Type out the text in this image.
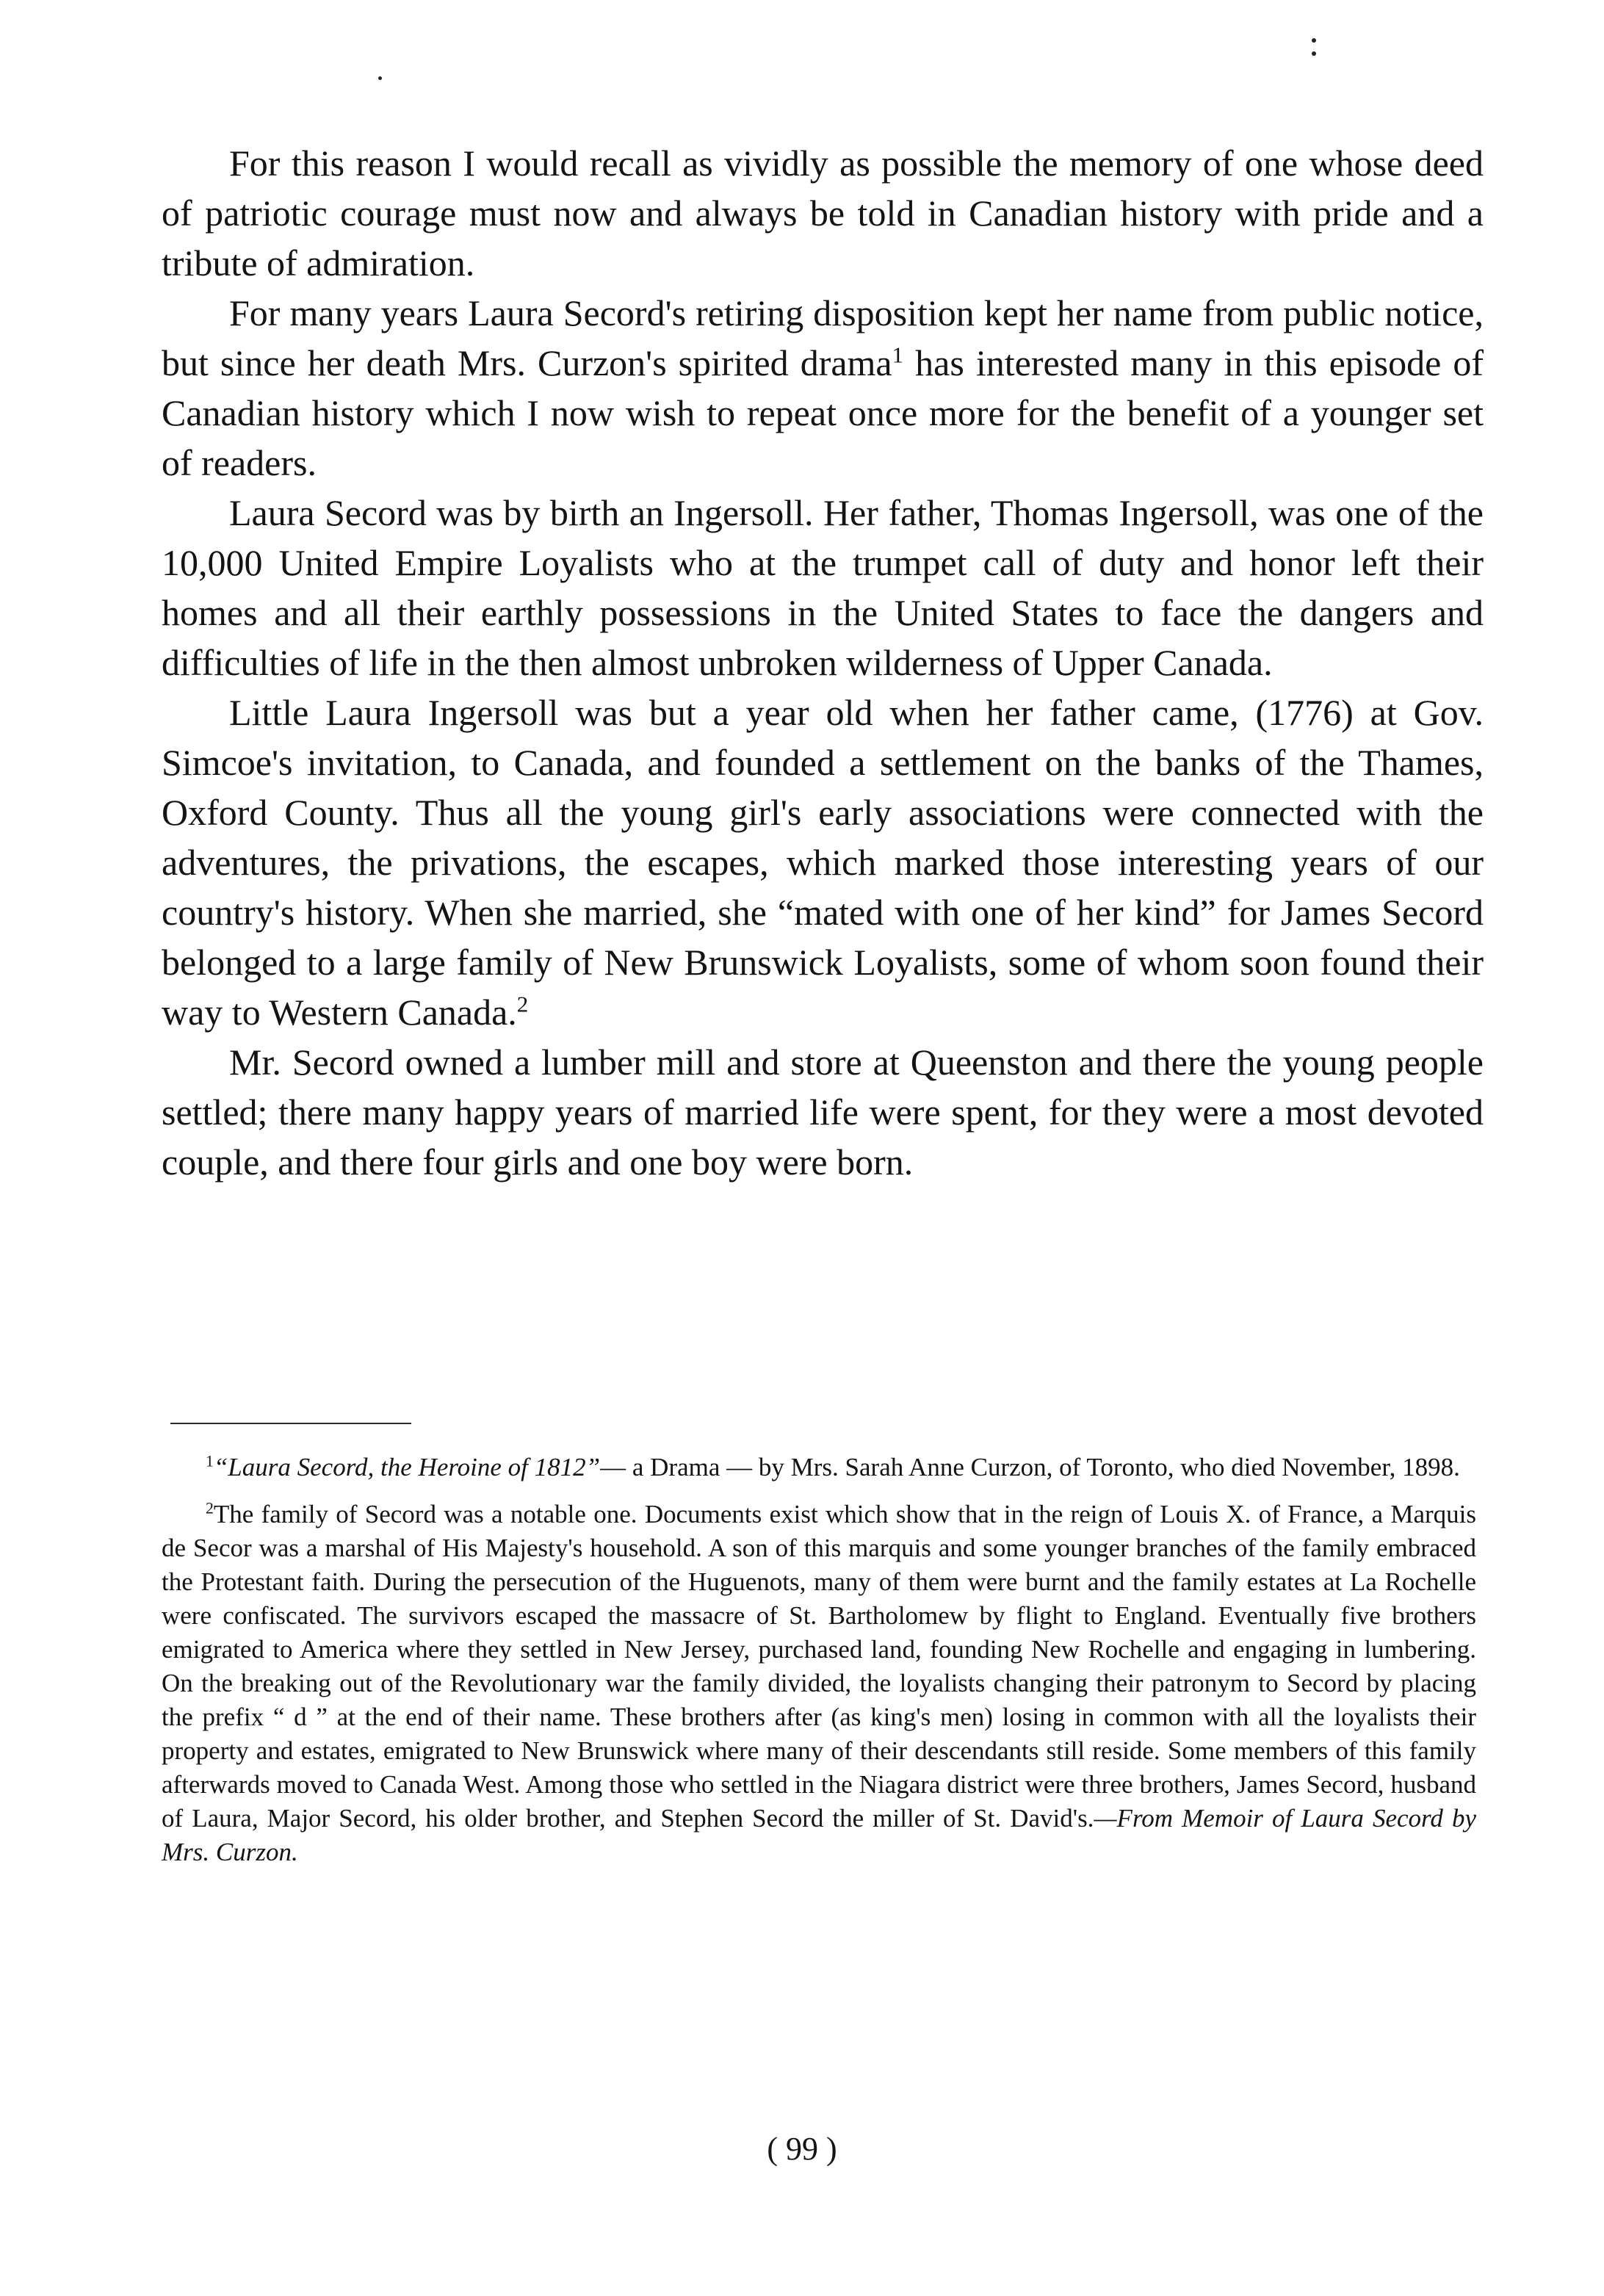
For this reason I would recall as vividly as possible the memory of one whose deed of patriotic courage must now and always be told in Canadian history with pride and a tribute of admiration.

For many years Laura Secord's retiring disposition kept her name from public notice, but since her death Mrs. Curzon's spirited drama$^1$ has interested many in this episode of Canadian history which I now wish to repeat once more for the benefit of a younger set of readers.

Laura Secord was by birth an Ingersoll. Her father, Thomas Ingersoll, was one of the 10,000 United Empire Loyalists who at the trumpet call of duty and honor left their homes and all their earthly possessions in the United States to face the dangers and difficulties of life in the then almost unbroken wilderness of Upper Canada.

Little Laura Ingersoll was but a year old when her father came, (1776) at Gov. Simcoe's invitation, to Canada, and founded a settlement on the banks of the Thames, Oxford County. Thus all the young girl's early associations were connected with the adventures, the privations, the escapes, which marked those interesting years of our country's history. When she married, she “mated with one of her kind” for James Secord belonged to a large family of New Brunswick Loyalists, some of whom soon found their way to Western Canada.$^2$

Mr. Secord owned a lumber mill and store at Queenston and there the young people settled; there many happy years of married life were spent, for they were a most devoted couple, and there four girls and one boy were born.

$^1$“Laura Secord, the Heroine of 1812”— a Drama — by Mrs. Sarah Anne Curzon, of Toronto, who died November, 1898.

$^2$The family of Secord was a notable one. Documents exist which show that in the reign of Louis X. of France, a Marquis de Secor was a marshal of His Majesty's household. A son of this marquis and some younger branches of the family embraced the Protestant faith. During the persecution of the Huguenots, many of them were burnt and the family estates at La Rochelle were confiscated. The survivors escaped the massacre of St. Bartholomew by flight to England. Eventually five brothers emigrated to America where they settled in New Jersey, purchased land, founding New Rochelle and engaging in lumbering. On the breaking out of the Revolutionary war the family divided, the loyalists changing their patronym to Secord by placing the prefix “ d ” at the end of their name. These brothers after (as king's men) losing in common with all the loyalists their property and estates, emigrated to New Brunswick where many of their descendants still reside. Some members of this family afterwards moved to Canada West. Among those who settled in the Niagara district were three brothers, James Secord, husband of Laura, Major Secord, his older brother, and Stephen Secord the miller of St. David's.—From Memoir of Laura Secord by Mrs. Curzon.

( 99 )
